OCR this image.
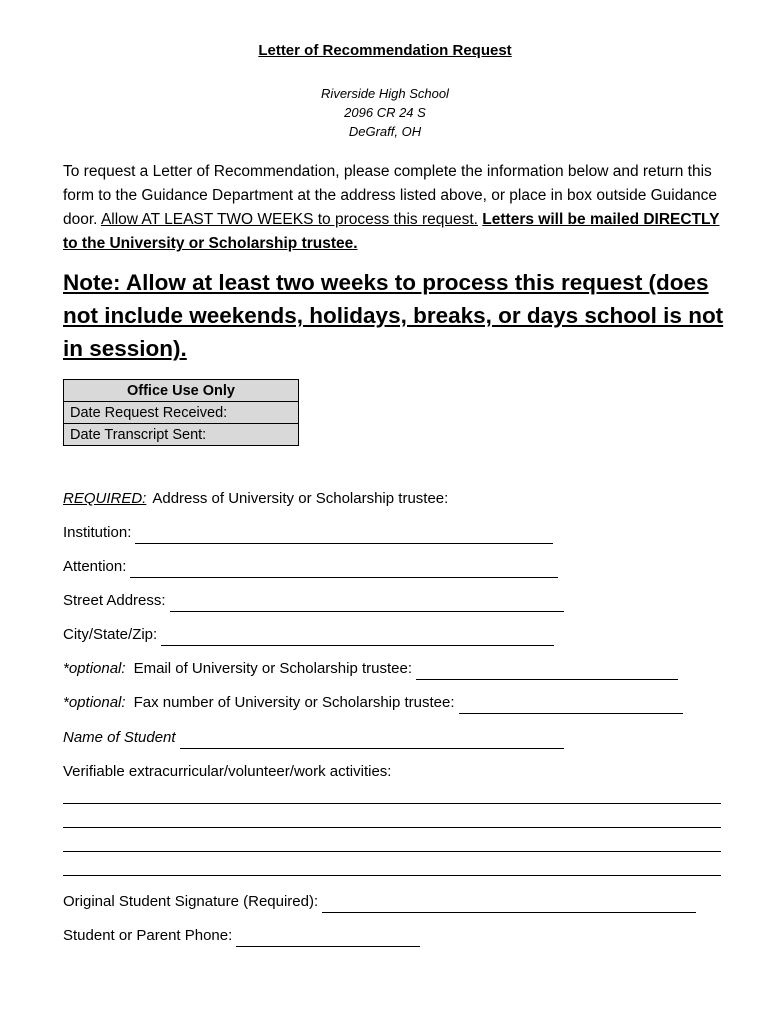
Letter of Recommendation Request
Riverside High School
2096 CR 24 S
DeGraff, OH
To request a Letter of Recommendation, please complete the information below and return this form to the Guidance Department at the address listed above, or place in box outside Guidance door. Allow AT LEAST TWO WEEKS to process this request. Letters will be mailed DIRECTLY to the University or Scholarship trustee.
Note: Allow at least two weeks to process this request (does not include weekends, holidays, breaks, or days school is not in session).
Office Use Only
Date Request Received:
Date Transcript Sent:
REQUIRED: Address of University or Scholarship trustee:
Institution:
Attention:
Street Address:
City/State/Zip:
*optional: Email of University or Scholarship trustee:
*optional: Fax number of University or Scholarship trustee:
Name of Student
Verifiable extracurricular/volunteer/work activities:
Original Student Signature (Required):
Student or Parent Phone:
